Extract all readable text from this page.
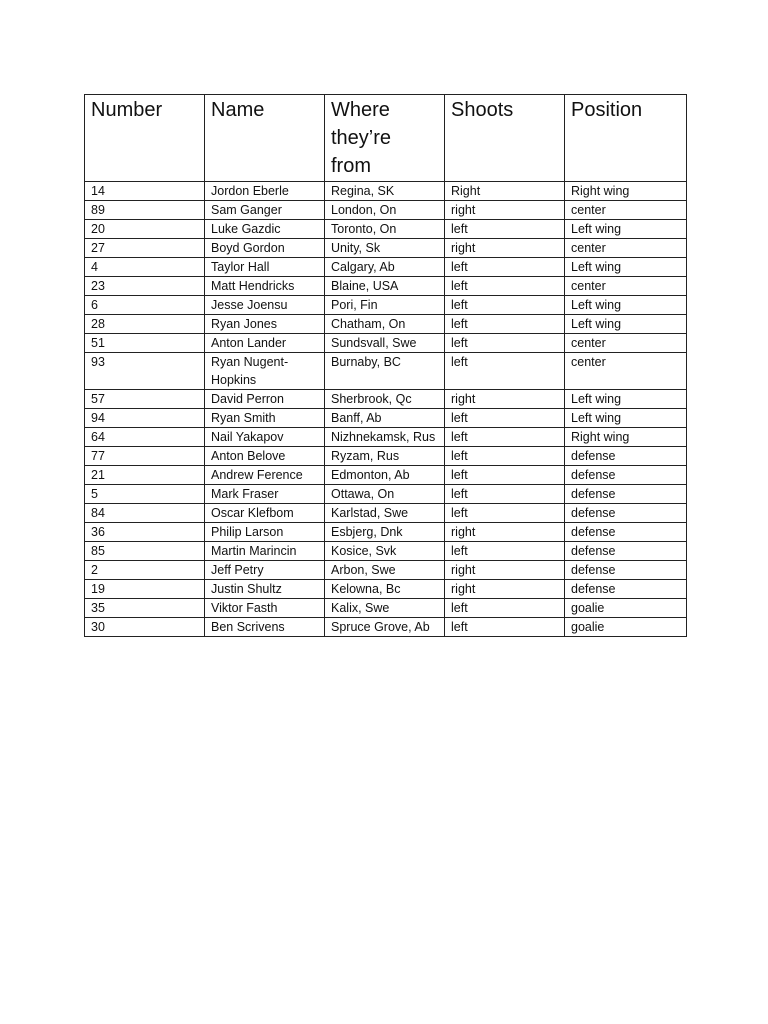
Number	Name	Where they’re from	Shoots	Position
14	Jordon Eberle	Regina, SK	Right	Right wing
89	Sam Ganger	London, On	right	center
20	Luke Gazdic	Toronto, On	left	Left wing
27	Boyd Gordon	Unity, Sk	right	center
4	Taylor Hall	Calgary, Ab	left	Left wing
23	Matt Hendricks	Blaine, USA	left	center
6	Jesse Joensu	Pori, Fin	left	Left wing
28	Ryan Jones	Chatham, On	left	Left wing
51	Anton Lander	Sundsvall, Swe	left	center
93	Ryan Nugent-Hopkins	Burnaby, BC	left	center
57	David Perron	Sherbrook, Qc	right	Left wing
94	Ryan Smith	Banff, Ab	left	Left wing
64	Nail Yakapov	Nizhnekamsk, Rus	left	Right wing
77	Anton Belove	Ryzam, Rus	left	defense
21	Andrew Ference	Edmonton, Ab	left	defense
5	Mark Fraser	Ottawa, On	left	defense
84	Oscar Klefbom	Karlstad, Swe	left	defense
36	Philip Larson	Esbjerg, Dnk	right	defense
85	Martin Marincin	Kosice, Svk	left	defense
2	Jeff Petry	Arbon, Swe	right	defense
19	Justin Shultz	Kelowna, Bc	right	defense
35	Viktor Fasth	Kalix, Swe	left	goalie
30	Ben Scrivens	Spruce Grove, Ab	left	goalie
